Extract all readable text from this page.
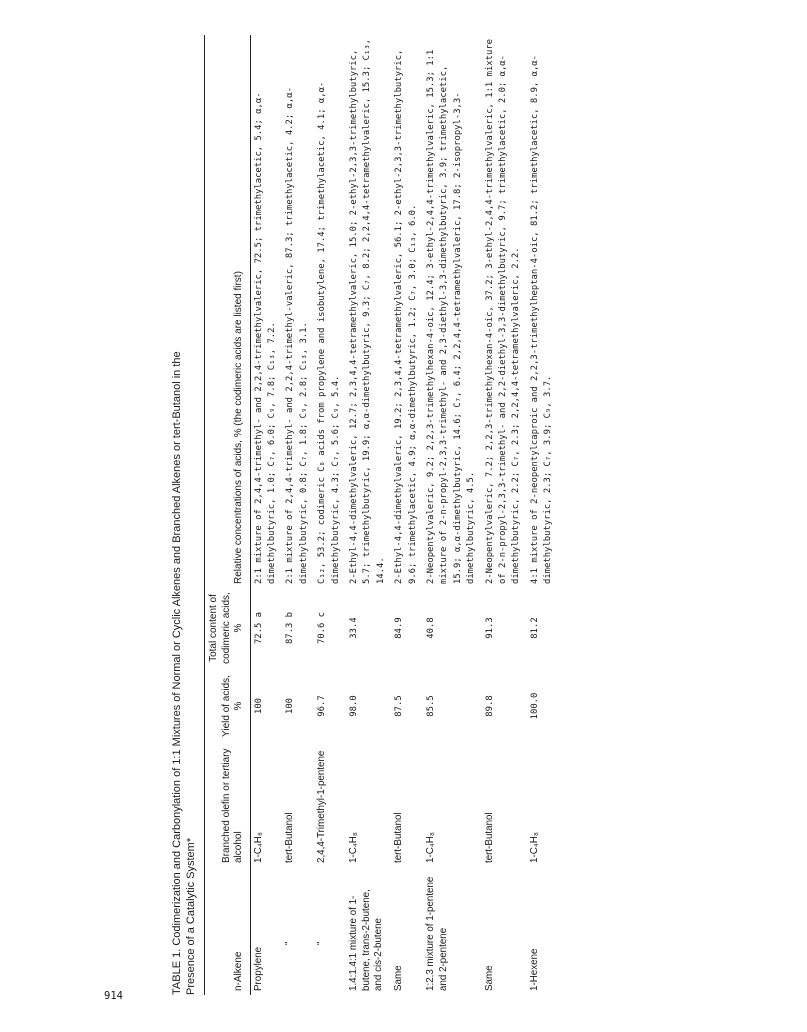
914
TABLE 1. Codimerization and Carbonylation of 1:1 Mixtures of Normal or Cyclic Alkenes and Branched Alkenes or tert-Butanol in the Presence of a Catalytic System*	n-Alkene	Branched olefin or tertiary alcohol	Yield of acids, %	Total content of codimeric acids, %	Relative concentrations of acids, % (the codimeric acids are listed first)
Propylene	1-C₄H₈	100	72.5 a	2:1 mixture of 2,4,4-trimethyl- and 2,2,4-trimethylvaleric, 72.5; trimethylacetic, 5.4; α,α-dimethylbutyric, 1.0; C₇, 6.0; C₉, 7.8; C₁₃, 7.2.
"	tert-Butanol	100	87.3 b	2:1 mixture of 2,4,4-trimethyl- and 2,2,4-trimethyl-valeric, 87.3; trimethylacetic, 4.2; α,α-dimethylbutyric, 0.8; C₇, 1.8; C₉, 2.8; C₁₃, 3.1.
"	2,4,4-Trimethyl-1-pentene	96.7	70.6 c	C₁₂, 53.2; codimeric C₈ acids from propylene and isobutylene, 17.4; trimethylacetic, 4.1; α,α-dimethylbutyric, 4.3; C₇, 5.6; C₉, 5.4.
1.4:1.4:1 mixture of 1-butene, trans-2-butene, and cis-2-butene	1-C₄H₈	98.0	33.4	2-Ethyl-4,4-dimethylvaleric, 12.7; 2,3,4,4-tetramethylvaleric, 15.0; 2-ethyl-2,3,3-trimethylbutyric, 5.7; trimethylbutyric, 19.9; α,α-dimethylbutyric, 9.3; C₇, 8.2; 2,2,4,4-tetramethylvaleric, 15.3; C₁₃, 14.4.
Same	tert-Butanol	87.5	84.9	2-Ethyl-4,4-dimethylvaleric, 19.2; 2,3,4,4-tetramethylvaleric, 56.1; 2-ethyl-2,3,3-trimethylbutyric, 9.6; trimethylacetic, 4.9; α,α-dimethylbutyric, 1.2; C₇, 3.0; C₁₃, 6.0.
1:2.3 mixture of 1-pentene and 2-pentene	1-C₄H₈	85.5	40.8	2-Neopentylvaleric, 9.2; 2,2,3-trimethylhexan-4-oic, 12.4; 3-ethyl-2,4,4-trimethylvaleric, 15.3; 1:1 mixture of 2-n-propyl-2,3,3-trimethyl- and 2,3-diethyl-3,3-dimethylbutyric, 3.9; trimethylacetic, 15.9; α,α-dimethylbutyric, 14.6; C₇, 6.4; 2,2,4,4-tetramethylvaleric, 17.8; 2-isopropyl-3,3-dimethylbutyric, 4.5.
Same	tert-Butanol	89.8	91.3	2-Neopentylvaleric, 7.2; 2,2,3-trimethylhexan-4-oic, 37.2; 3-ethyl-2,4,4-trimethylvaleric, 1:1 mixture of 2-n-propyl-2,3,3-trimethyl- and 2,2-diethyl-3,3-dimethylbutyric, 9.7; trimethylacetic, 2.0; α,α-dimethylbutyric, 2.2; C₇, 2.3; 2,2,4,4-tetramethylvaleric, 2.2.
1-Hexene	1-C₄H₈	100.0	81.2	4:1 mixture of 2-neopentylcaproic and 2,2,3-trimethylheptan-4-oic, 81.2; trimethylacetic, 8.9, α,α-dimethylbutyric, 2.3; C₇, 3.9; C₉, 3.7.
